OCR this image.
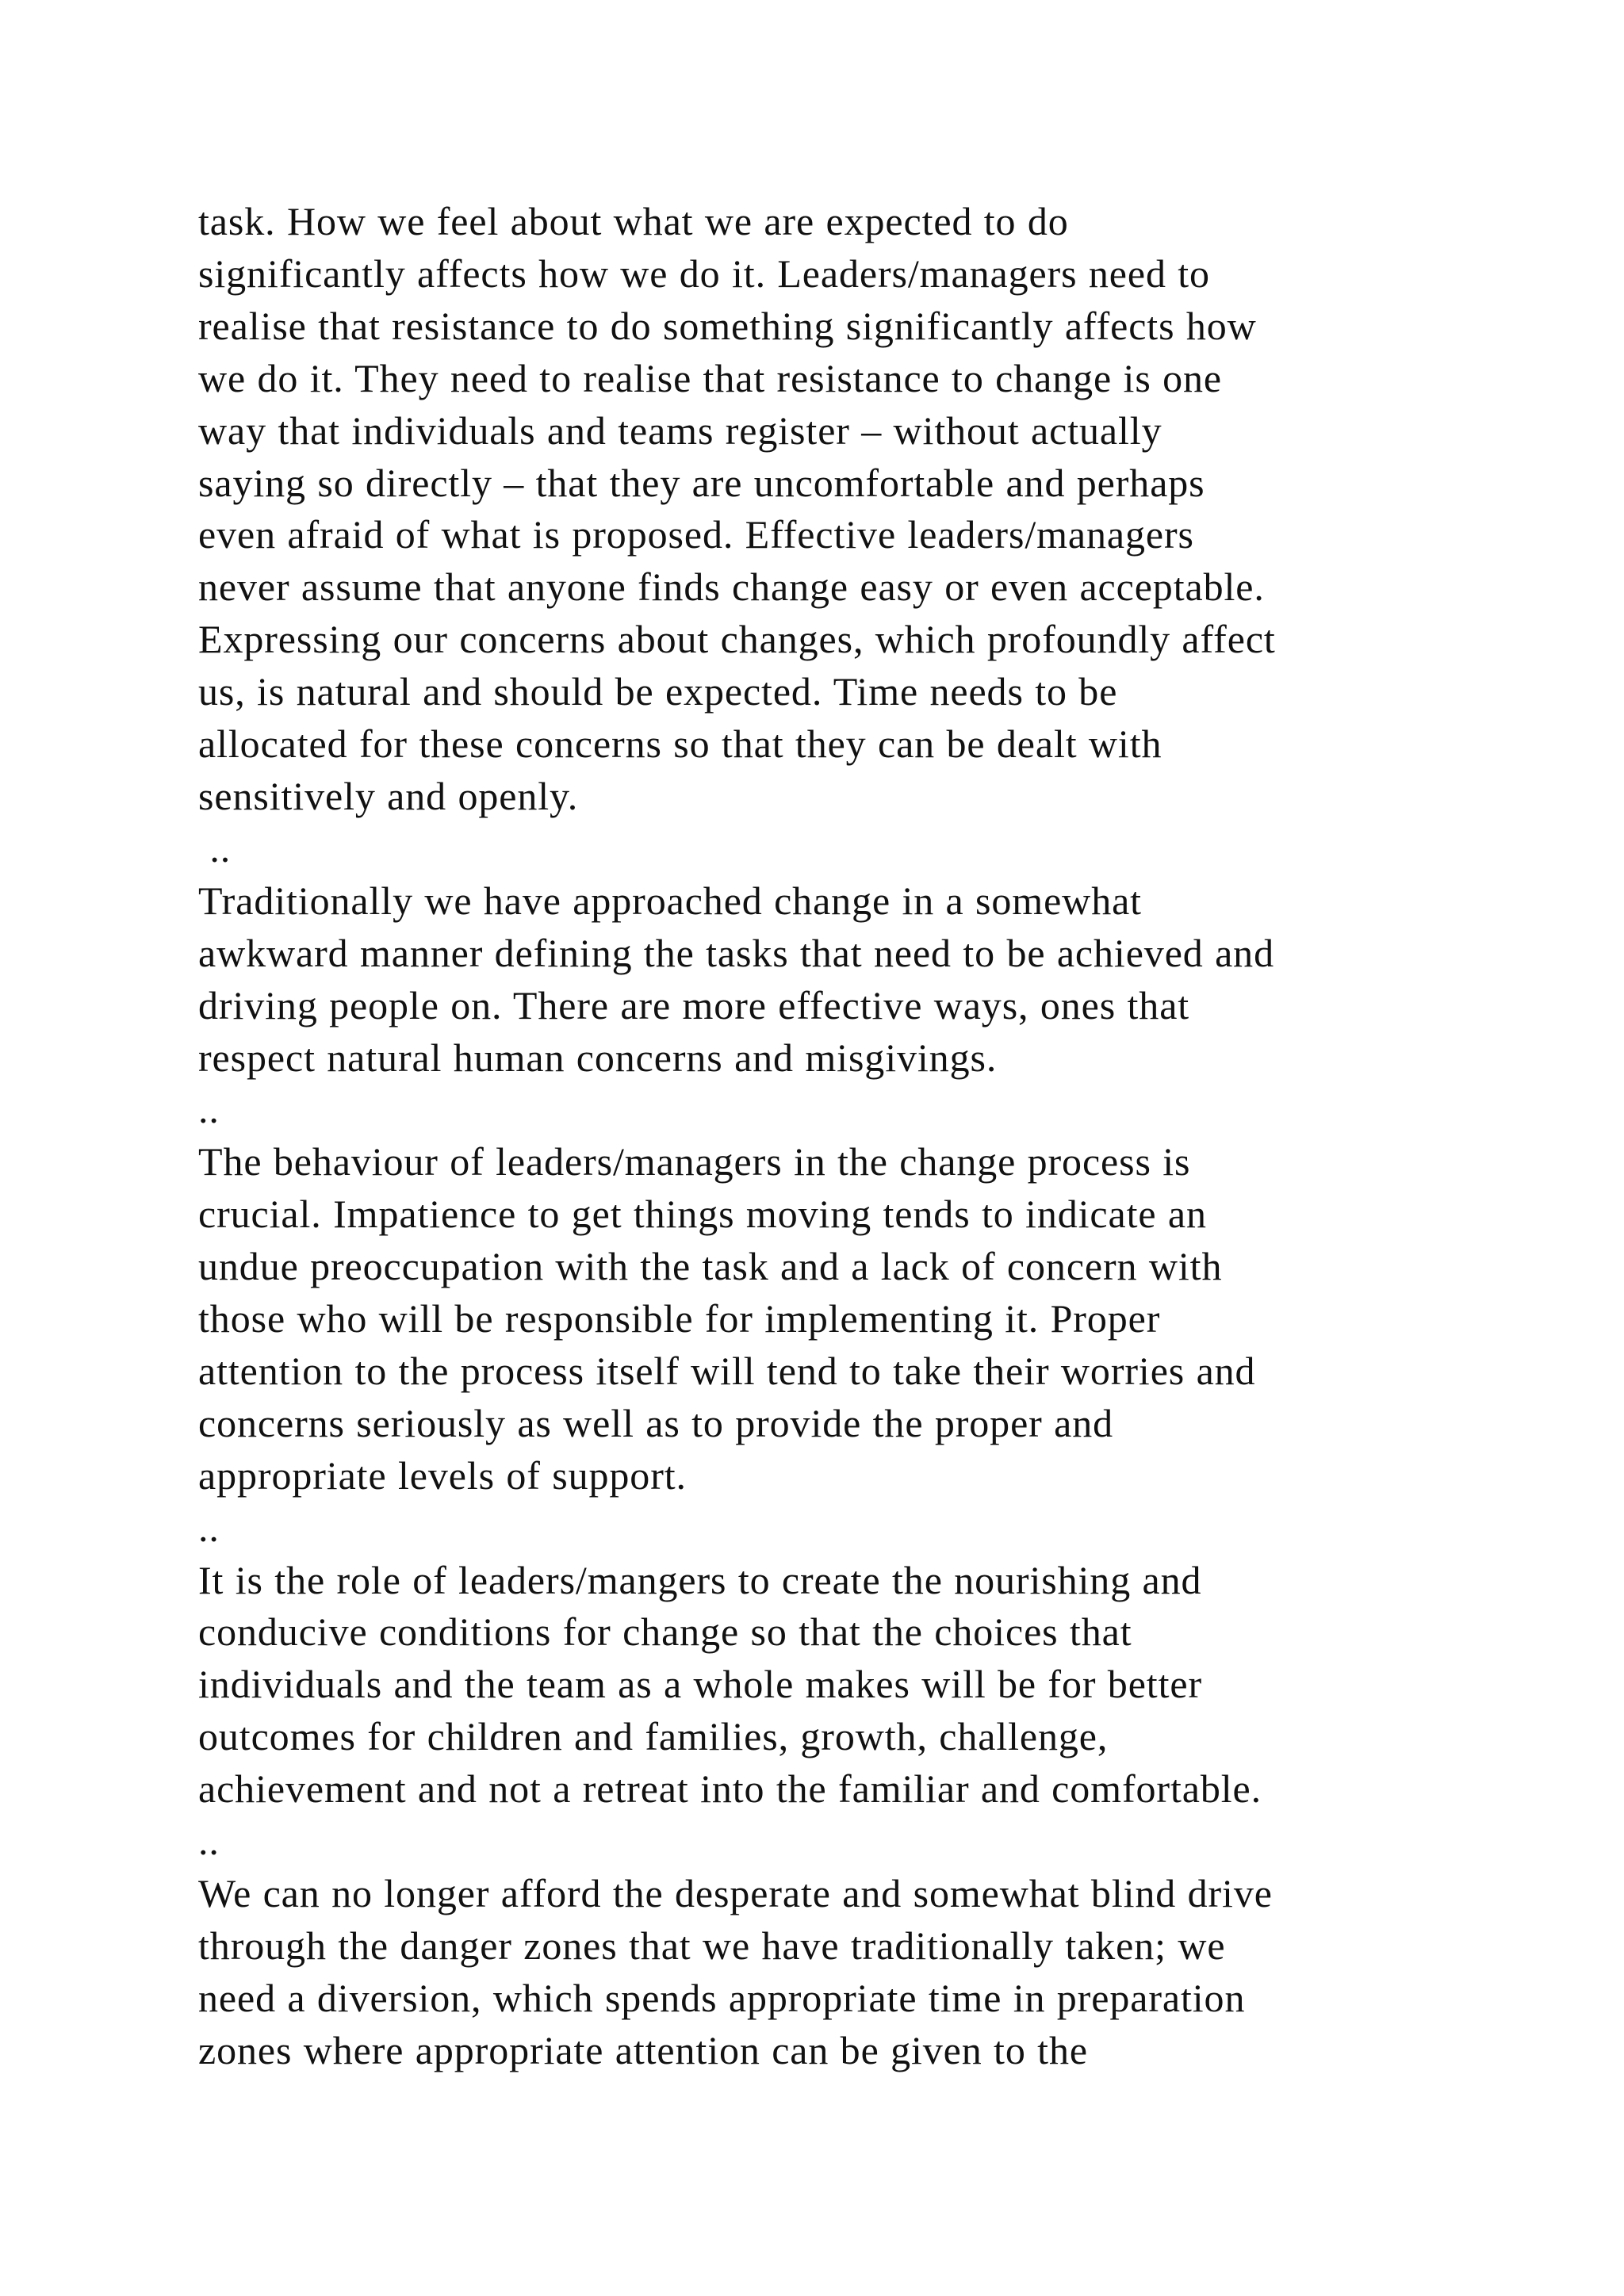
task. How we feel about what we are expected to do
significantly affects how we do it. Leaders/managers need to
realise that resistance to do something significantly affects how
we do it. They need to realise that resistance to change is one
way that individuals and teams register – without actually
saying so directly – that they are uncomfortable and perhaps
even afraid of what is proposed. Effective leaders/managers
never assume that anyone finds change easy or even acceptable.
Expressing our concerns about changes, which profoundly affect
us, is natural and should be expected. Time needs to be
allocated for these concerns so that they can be dealt with
sensitively and openly.
..
Traditionally we have approached change in a somewhat
awkward manner defining the tasks that need to be achieved and
driving people on. There are more effective ways, ones that
respect natural human concerns and misgivings.
..
The behaviour of leaders/managers in the change process is
crucial. Impatience to get things moving tends to indicate an
undue preoccupation with the task and a lack of concern with
those who will be responsible for implementing it. Proper
attention to the process itself will tend to take their worries and
concerns seriously as well as to provide the proper and
appropriate levels of support.
..
It is the role of leaders/mangers to create the nourishing and
conducive conditions for change so that the choices that
individuals and the team as a whole makes will be for better
outcomes for children and families, growth, challenge,
achievement and not a retreat into the familiar and comfortable.
..
We can no longer afford the desperate and somewhat blind drive
through the danger zones that we have traditionally taken; we
need a diversion, which spends appropriate time in preparation
zones where appropriate attention can be given to the
